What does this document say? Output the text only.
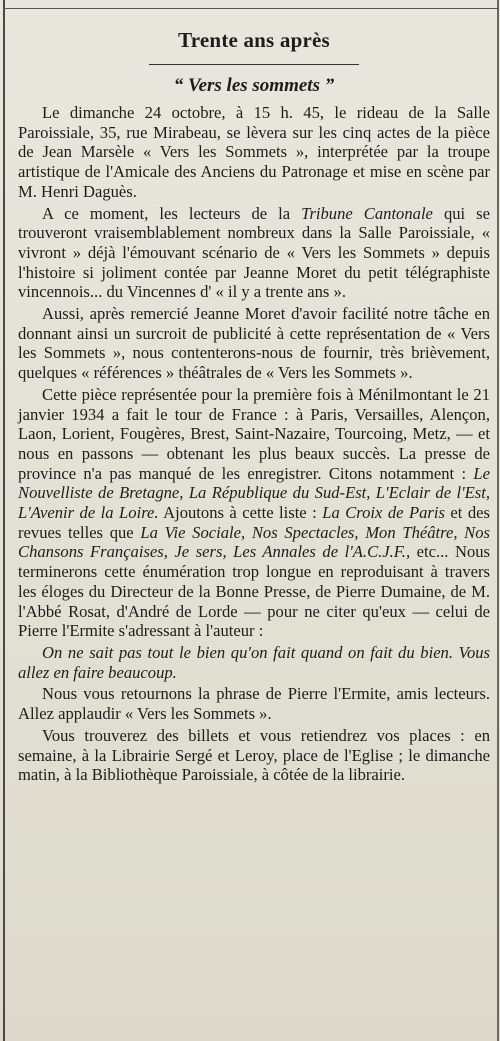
Trente ans après
“ Vers les sommets ”

Le dimanche 24 octobre, à 15 h. 45, le rideau de la Salle Paroissiale, 35, rue Mirabeau, se lèvera sur les cinq actes de la pièce de Jean Marsèle « Vers les Sommets », interprétée par la troupe artistique de l'Amicale des Anciens du Patronage et mise en scène par M. Henri Daguès.

A ce moment, les lecteurs de la Tribune Cantonale qui se trouveront vraisemblablement nombreux dans la Salle Paroissiale, « vivront » déjà l'émouvant scénario de « Vers les Sommets » depuis l'histoire si joliment contée par Jeanne Moret du petit télégraphiste vincennois... du Vincennes d' « il y a trente ans ».

Aussi, après remercié Jeanne Moret d'avoir facilité notre tâche en donnant ainsi un surcroit de publicité à cette représentation de « Vers les Sommets », nous contenterons-nous de fournir, très brièvement, quelques « références » théâtrales de « Vers les Sommets ».

Cette pièce représentée pour la première fois à Ménilmontant le 21 janvier 1934 a fait le tour de France : à Paris, Versailles, Alençon, Laon, Lorient, Fougères, Brest, Saint-Nazaire, Tourcoing, Metz, — et nous en passons — obtenant les plus beaux succès. La presse de province n'a pas manqué de les enregistrer. Citons notamment : Le Nouvelliste de Bretagne, La République du Sud-Est, L'Eclair de l'Est, L'Avenir de la Loire. Ajoutons à cette liste : La Croix de Paris et des revues telles que La Vie Sociale, Nos Spectacles, Mon Théâtre, Nos Chansons Françaises, Je sers, Les Annales de l'A.C.J.F., etc... Nous terminerons cette énumération trop longue en reproduisant à travers les éloges du Directeur de la Bonne Presse, de Pierre Dumaine, de M. l'Abbé Rosat, d'André de Lorde — pour ne citer qu'eux — celui de Pierre l'Ermite s'adressant à l'auteur :

On ne sait pas tout le bien qu'on fait quand on fait du bien. Vous allez en faire beaucoup.

Nous vous retournons la phrase de Pierre l'Ermite, amis lecteurs. Allez applaudir « Vers les Sommets ».

Vous trouverez des billets et vous retiendrez vos places : en semaine, à la Librairie Sergé et Leroy, place de l'Eglise ; le dimanche matin, à la Bibliothèque Paroissiale, à côtée de la librairie.
